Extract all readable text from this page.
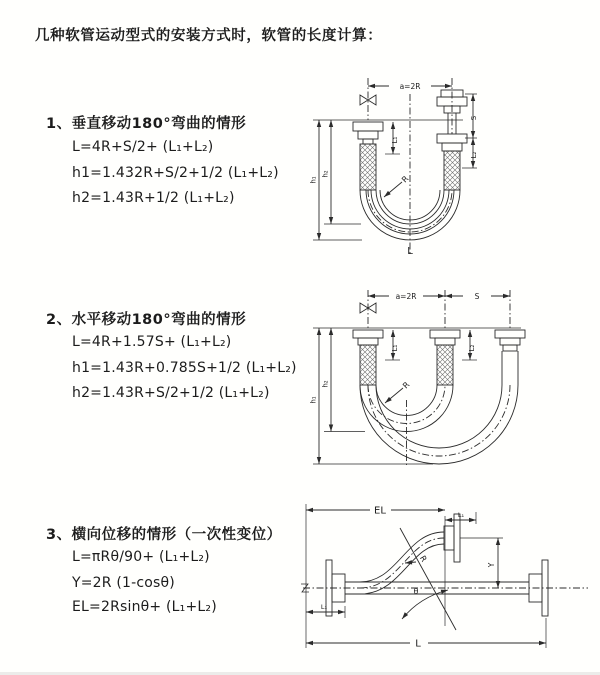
几种软管运动型式的安装方式时，软管的长度计算：
1、垂直移动180°弯曲的情形
L=4R+S/2+ (L₁+L₂)
h1=1.432R+S/2+1/2 (L₁+L₂)
h2=1.43R+1/2 (L₁+L₂)
2、水平移动180°弯曲的情形
L=4R+1.57S+ (L₁+L₂)
h1=1.43R+0.785S+1/2 (L₁+L₂)
h2=1.43R+S/2+1/2 (L₁+L₂)
3、横向位移的情形（一次性变位）
L=πRθ/90+ (L₁+L₂)
Y=2R (1-cosθ)
EL=2Rsinθ+ (L₁+L₂)
a=2R
L₁
S
L₂
h₁
h₂
R
L
a=2R	S
L₁	L₂
h₁
h₂	R
EL	L₁
Y
R
θ
L
L₁
